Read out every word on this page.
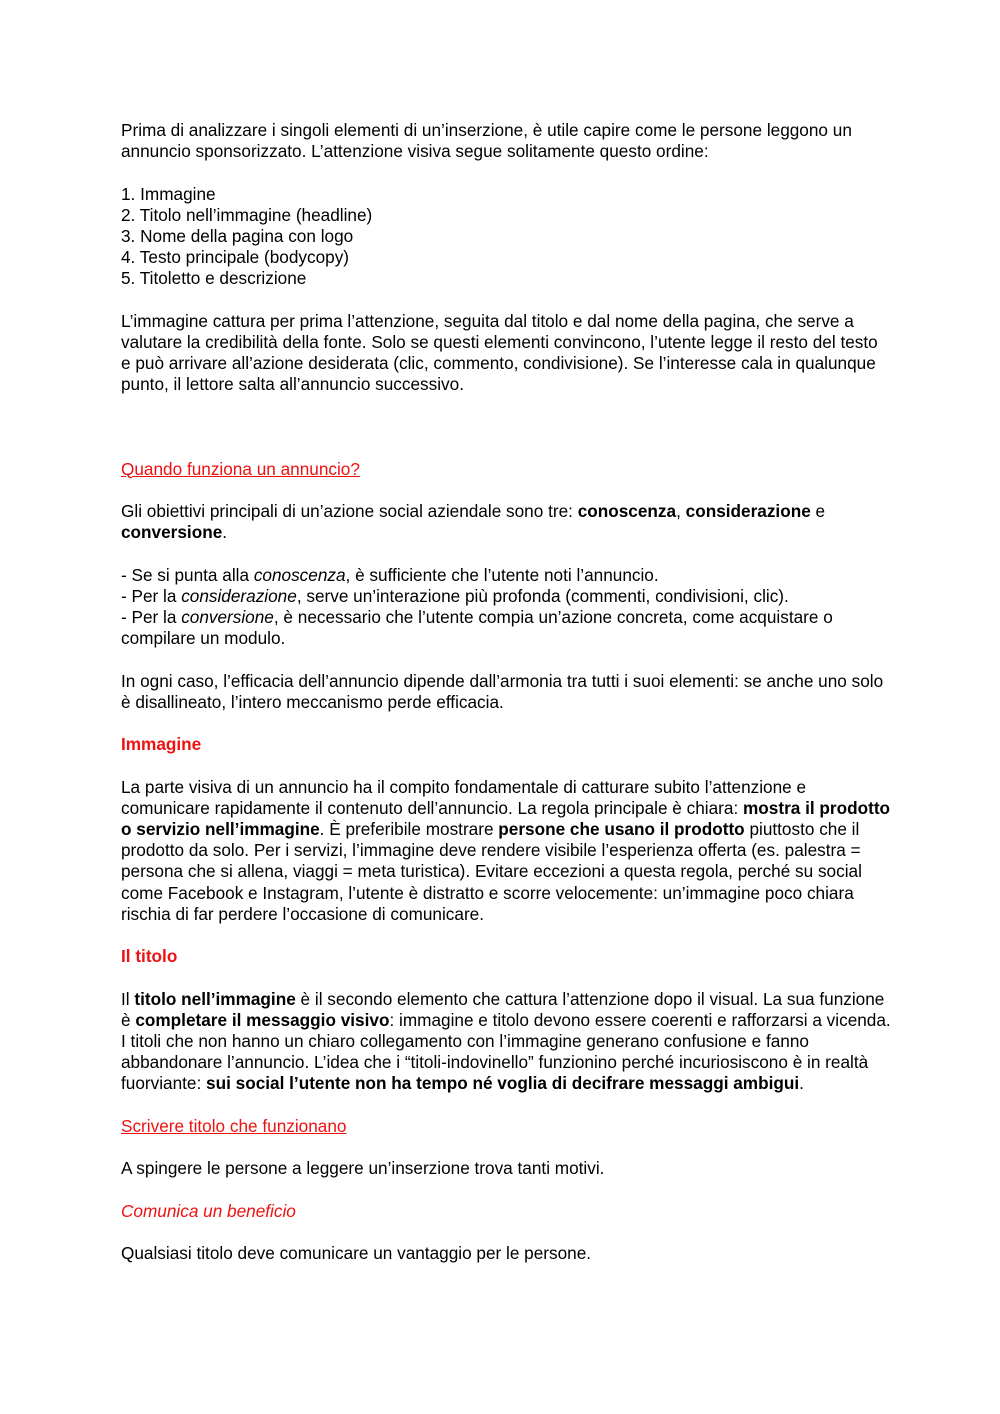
Prima di analizzare i singoli elementi di un’inserzione, è utile capire come le persone leggono un annuncio sponsorizzato. L’attenzione visiva segue solitamente questo ordine:

1. Immagine

2. Titolo nell’immagine (headline)

3. Nome della pagina con logo

4. Testo principale (bodycopy)

5. Titoletto e descrizione

L’immagine cattura per prima l’attenzione, seguita dal titolo e dal nome della pagina, che serve a valutare la credibilità della fonte. Solo se questi elementi convincono, l’utente legge il resto del testo e può arrivare all’azione desiderata (clic, commento, condivisione). Se l’interesse cala in qualunque punto, il lettore salta all’annuncio successivo.

Quando funziona un annuncio?

Gli obiettivi principali di un’azione social aziendale sono tre: conoscenza, considerazione e conversione.

- Se si punta alla conoscenza, è sufficiente che l’utente noti l’annuncio.

- Per la considerazione, serve un’interazione più profonda (commenti, condivisioni, clic).

- Per la conversione, è necessario che l’utente compia un’azione concreta, come acquistare o compilare un modulo.

In ogni caso, l’efficacia dell’annuncio dipende dall’armonia tra tutti i suoi elementi: se anche uno solo è disallineato, l’intero meccanismo perde efficacia.

Immagine

La parte visiva di un annuncio ha il compito fondamentale di catturare subito l’attenzione e comunicare rapidamente il contenuto dell’annuncio. La regola principale è chiara: mostra il prodotto o servizio nell’immagine. È preferibile mostrare persone che usano il prodotto piuttosto che il prodotto da solo. Per i servizi, l’immagine deve rendere visibile l’esperienza offerta (es. palestra = persona che si allena, viaggi = meta turistica). Evitare eccezioni a questa regola, perché su social come Facebook e Instagram, l’utente è distratto e scorre velocemente: un’immagine poco chiara rischia di far perdere l’occasione di comunicare.

Il titolo

Il titolo nell’immagine è il secondo elemento che cattura l’attenzione dopo il visual. La sua funzione è completare il messaggio visivo: immagine e titolo devono essere coerenti e rafforzarsi a vicenda. I titoli che non hanno un chiaro collegamento con l’immagine generano confusione e fanno abbandonare l’annuncio. L’idea che i “titoli-indovinello” funzionino perché incuriosiscono è in realtà fuorviante: sui social l’utente non ha tempo né voglia di decifrare messaggi ambigui.

Scrivere titolo che funzionano

A spingere le persone a leggere un’inserzione trova tanti motivi.

Comunica un beneficio

Qualsiasi titolo deve comunicare un vantaggio per le persone.
